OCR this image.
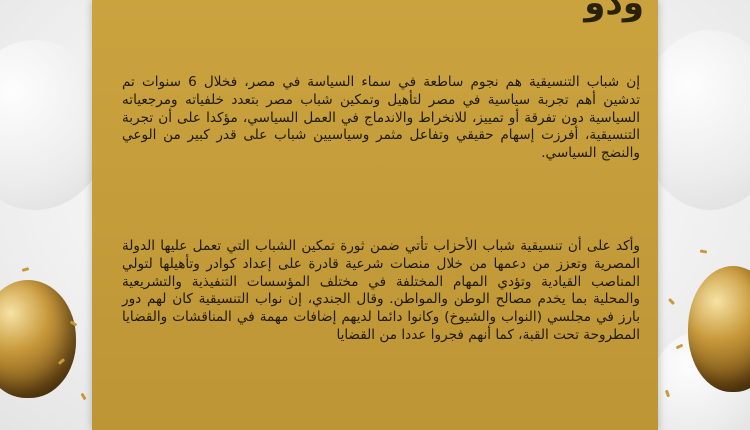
ودو

إن شباب التنسيقية هم نجوم ساطعة في سماء السياسة في مصر، فخلال 6 سنوات تم تدشين أهم تجربة سياسية في مصر لتأهيل وتمكين شباب مصر بتعدد خلفياته ومرجعياته السياسية دون تفرقة أو تمييز، للانخراط والاندماج في العمل السياسي، مؤكدا على أن تجربة التنسيقية، أفرزت إسهام حقيقي وتفاعل مثمر وسياسيين شباب على قدر كبير من الوعي والنضج السياسي.

وأكد على أن تنسيقية شباب الأحزاب تأتي ضمن ثورة تمكين الشباب التي تعمل عليها الدولة المصرية وتعزز من دعمها من خلال منصات شرعية قادرة على إعداد كوادر وتأهيلها لتولي المناصب القيادية وتؤدي المهام المختلفة في مختلف المؤسسات التنفيذية والتشريعية والمحلية بما يخدم مصالح الوطن والمواطن. وقال الجندي، إن نواب التنسيقية كان لهم دور بارز في مجلسي (النواب والشيوخ) وكانوا دائما لديهم إضافات مهمة في المناقشات والقضايا المطروحة تحت القبة، كما أنهم فجروا عددا من القضايا
